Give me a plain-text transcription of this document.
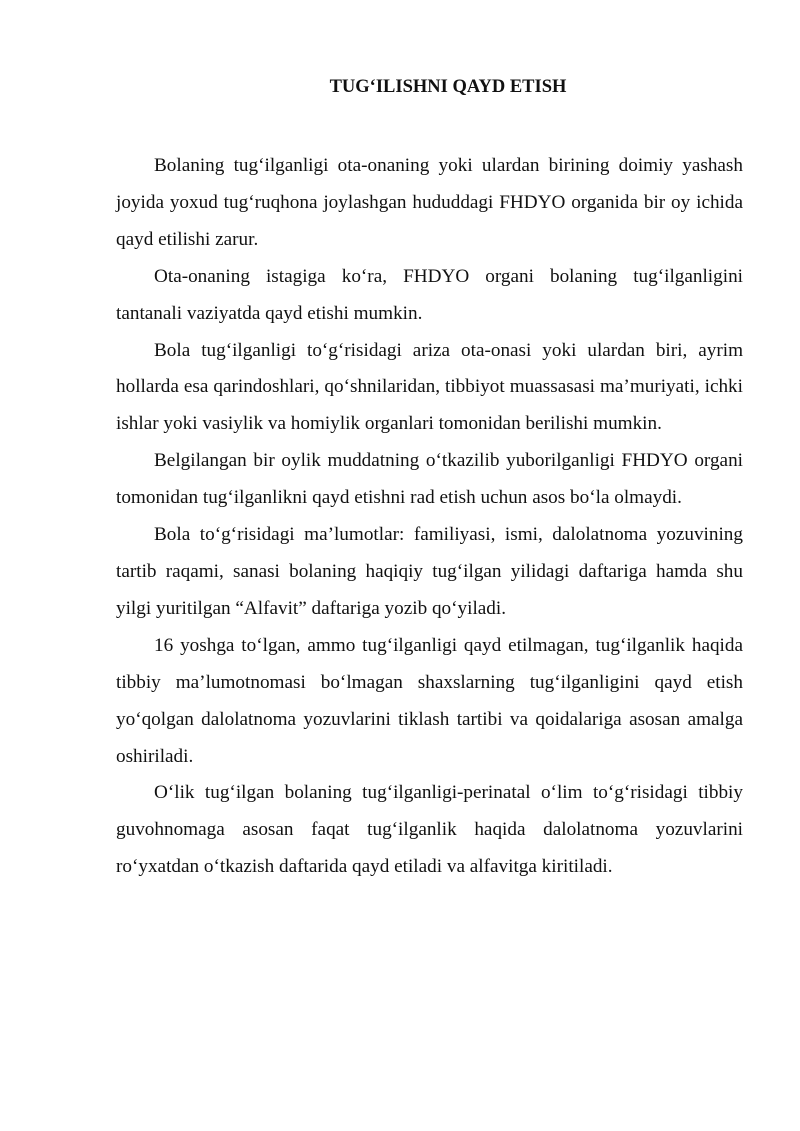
TUG‘ILISHNI QAYD ETISH

Bolaning tug‘ilganligi ota-onaning yoki ulardan birining doimiy yashash joyida yoxud tug‘ruqhona joylashgan hududdagi FHDYO organida bir oy ichida qayd etilishi zarur.

Ota-onaning istagiga ko‘ra, FHDYO organi bolaning tug‘ilganligini tantanali vaziyatda qayd etishi mumkin.

Bola tug‘ilganligi to‘g‘risidagi ariza ota-onasi yoki ulardan biri, ayrim hollarda esa qarindoshlari, qo‘shnilaridan, tibbiyot muassasasi ma’muriyati, ichki ishlar yoki vasiylik va homiylik organlari tomonidan berilishi mumkin.

Belgilangan bir oylik muddatning o‘tkazilib yuborilganligi FHDYO organi tomonidan tug‘ilganlikni qayd etishni rad etish uchun asos bo‘la olmaydi.

Bola to‘g‘risidagi ma’lumotlar: familiyasi, ismi, dalolatnoma yozuvining tartib raqami, sanasi bolaning haqiqiy tug‘ilgan yilidagi daftariga hamda shu yilgi yuritilgan “Alfavit” daftariga yozib qo‘yiladi.

16 yoshga to‘lgan, ammo tug‘ilganligi qayd etilmagan, tug‘ilganlik haqida tibbiy ma’lumotnomasi bo‘lmagan shaxslarning tug‘ilganligini qayd etish yo‘qolgan dalolatnoma yozuvlarini tiklash tartibi va qoidalariga asosan amalga oshiriladi.

O‘lik tug‘ilgan bolaning tug‘ilganligi-perinatal o‘lim to‘g‘risidagi tibbiy guvohnomaga asosan faqat tug‘ilganlik haqida dalolatnoma yozuvlarini ro‘yxatdan o‘tkazish daftarida qayd etiladi va alfavitga kiritiladi.
